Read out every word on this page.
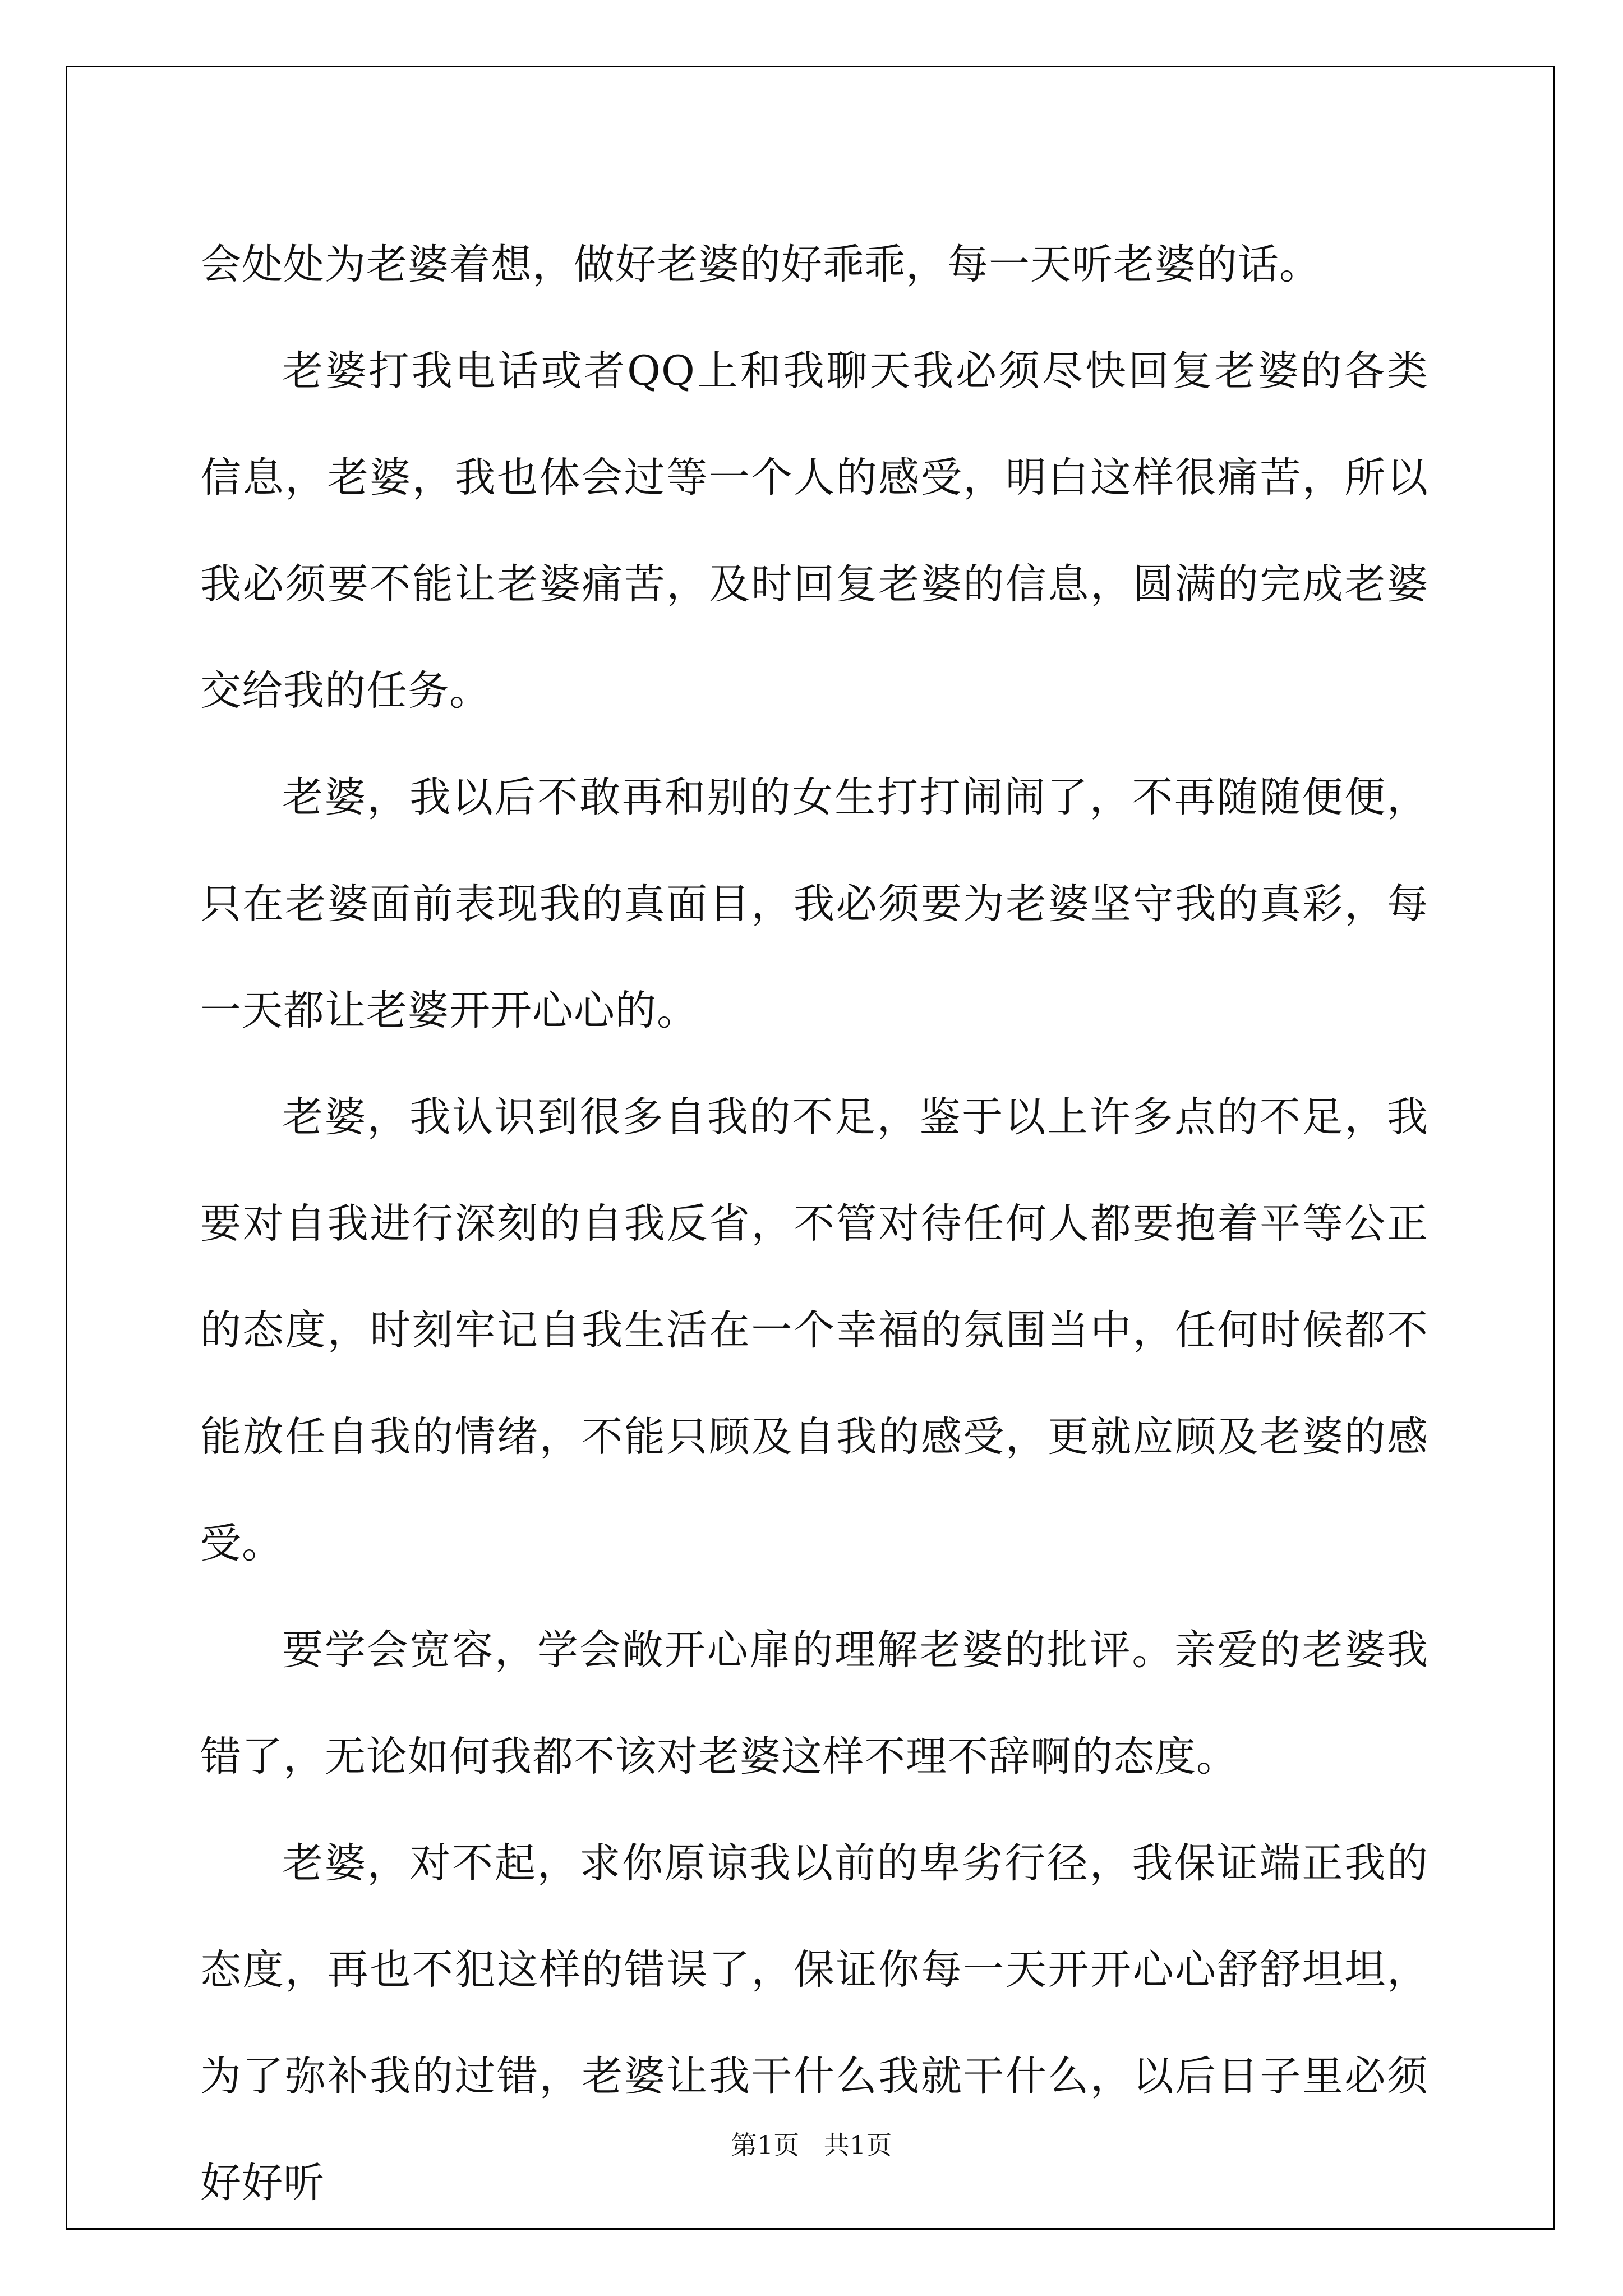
会处处为老婆着想，做好老婆的好乖乖，每一天听老婆的话。

老婆打我电话或者QQ上和我聊天我必须尽快回复老婆的各类信息，老婆，我也体会过等一个人的感受，明白这样很痛苦，所以我必须要不能让老婆痛苦，及时回复老婆的信息，圆满的完成老婆交给我的任务。

老婆，我以后不敢再和别的女生打打闹闹了，不再随随便便，只在老婆面前表现我的真面目，我必须要为老婆坚守我的真彩，每一天都让老婆开开心心的。

老婆，我认识到很多自我的不足，鉴于以上许多点的不足，我要对自我进行深刻的自我反省，不管对待任何人都要抱着平等公正的态度，时刻牢记自我生活在一个幸福的氛围当中，任何时候都不能放任自我的情绪，不能只顾及自我的感受，更就应顾及老婆的感受。

要学会宽容，学会敞开心扉的理解老婆的批评。亲爱的老婆我错了，无论如何我都不该对老婆这样不理不辞啊的态度。

老婆，对不起，求你原谅我以前的卑劣行径，我保证端正我的态度，再也不犯这样的错误了，保证你每一天开开心心舒舒坦坦，为了弥补我的过错，老婆让我干什么我就干什么，以后日子里必须好好听

第1页   共1页
